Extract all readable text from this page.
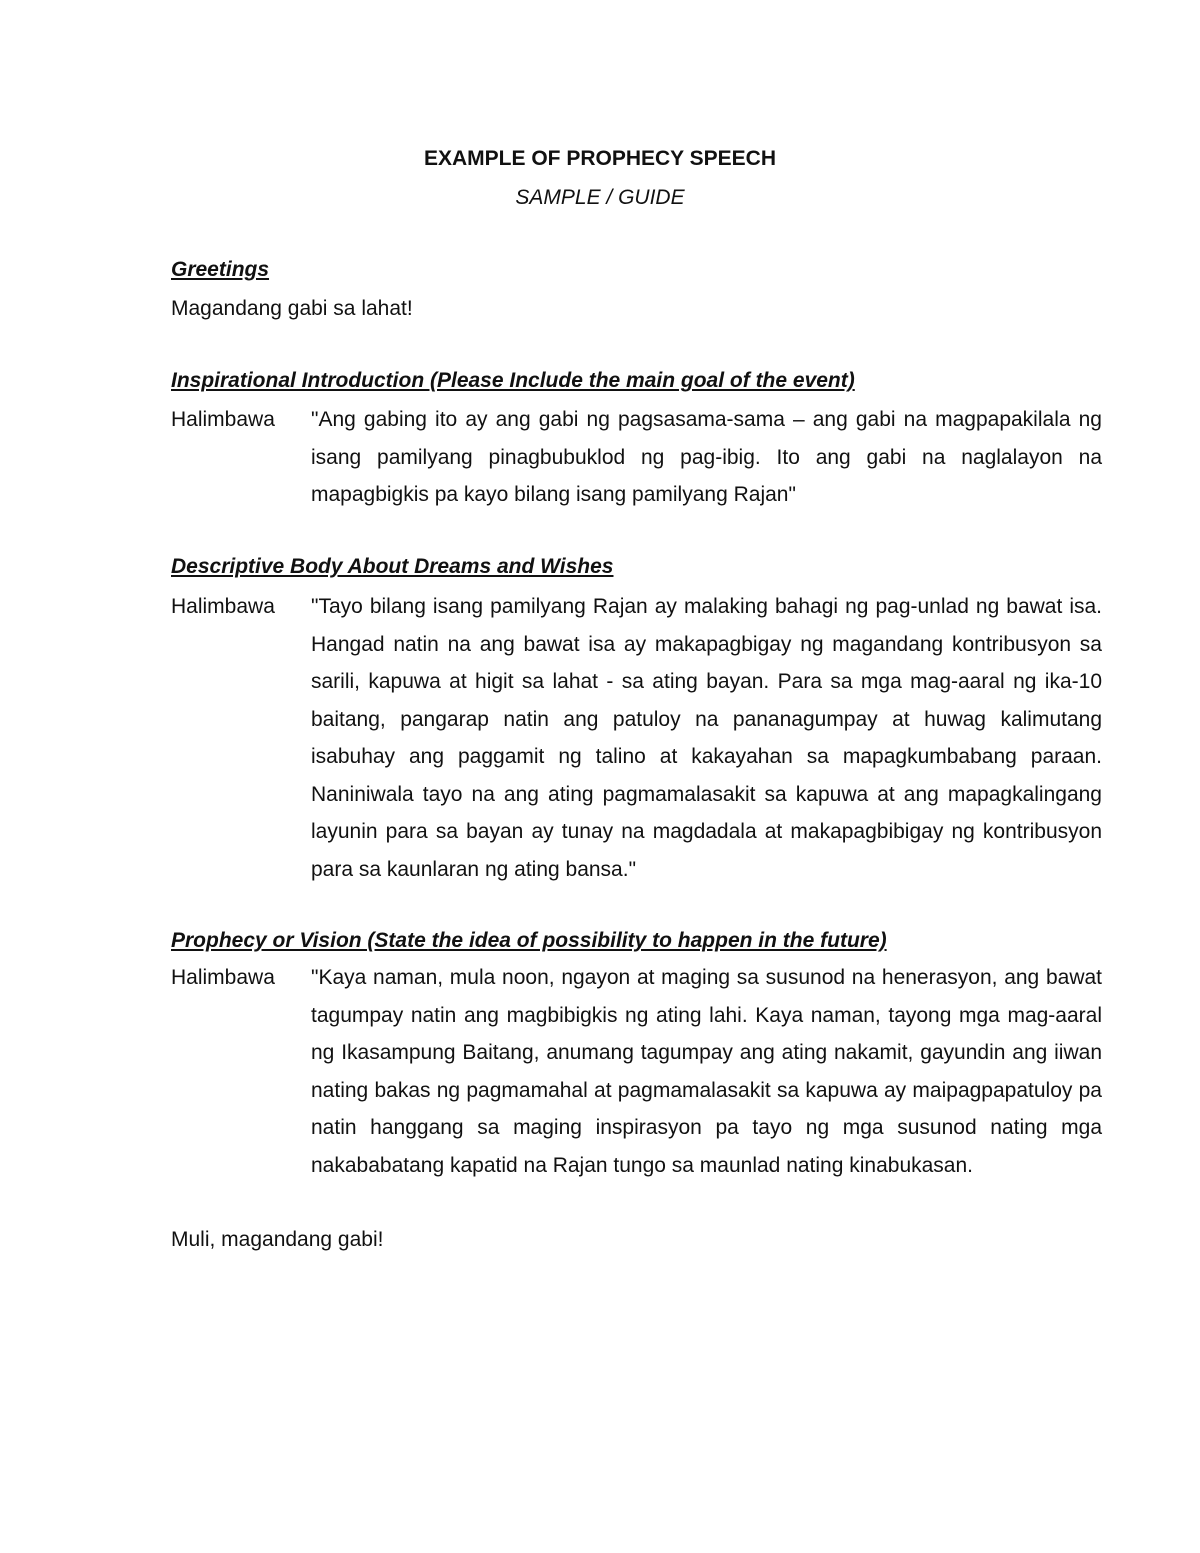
EXAMPLE OF PROPHECY SPEECH

SAMPLE / GUIDE

Greetings

Magandang gabi sa lahat!

Inspirational Introduction (Please Include the main goal of the event)

Halimbawa "Ang gabing ito ay ang gabi ng pagsasama-sama – ang gabi na magpapakilala ng isang pamilyang pinagbubuklod ng pag-ibig. Ito ang gabi na naglalayon na mapagbigkis pa kayo bilang isang pamilyang Rajan"

Descriptive Body About Dreams and Wishes

Halimbawa "Tayo bilang isang pamilyang Rajan ay malaking bahagi ng pag-unlad ng bawat isa. Hangad natin na ang bawat isa ay makapagbigay ng magandang kontribusyon sa sarili, kapuwa at higit sa lahat - sa ating bayan. Para sa mga mag-aaral ng ika-10 baitang, pangarap natin ang patuloy na pananagumpay at huwag kalimutang isabuhay ang paggamit ng talino at kakayahan sa mapagkumbabang paraan. Naniniwala tayo na ang ating pagmamalasakit sa kapuwa at ang mapagkalingang layunin para sa bayan ay tunay na magdadala at makapagbibigay ng kontribusyon para sa kaunlaran ng ating bansa."

Prophecy or Vision (State the idea of possibility to happen in the future)

Halimbawa "Kaya naman, mula noon, ngayon at maging sa susunod na henerasyon, ang bawat tagumpay natin ang magbibigkis ng ating lahi. Kaya naman, tayong mga mag-aaral ng Ikasampung Baitang, anumang tagumpay ang ating nakamit, gayundin ang iiwan nating bakas ng pagmamahal at pagmamalasakit sa kapuwa ay maipagpapatuloy pa natin hanggang sa maging inspirasyon pa tayo ng mga susunod nating mga nakababatang kapatid na Rajan tungo sa maunlad nating kinabukasan.

Muli, magandang gabi!
